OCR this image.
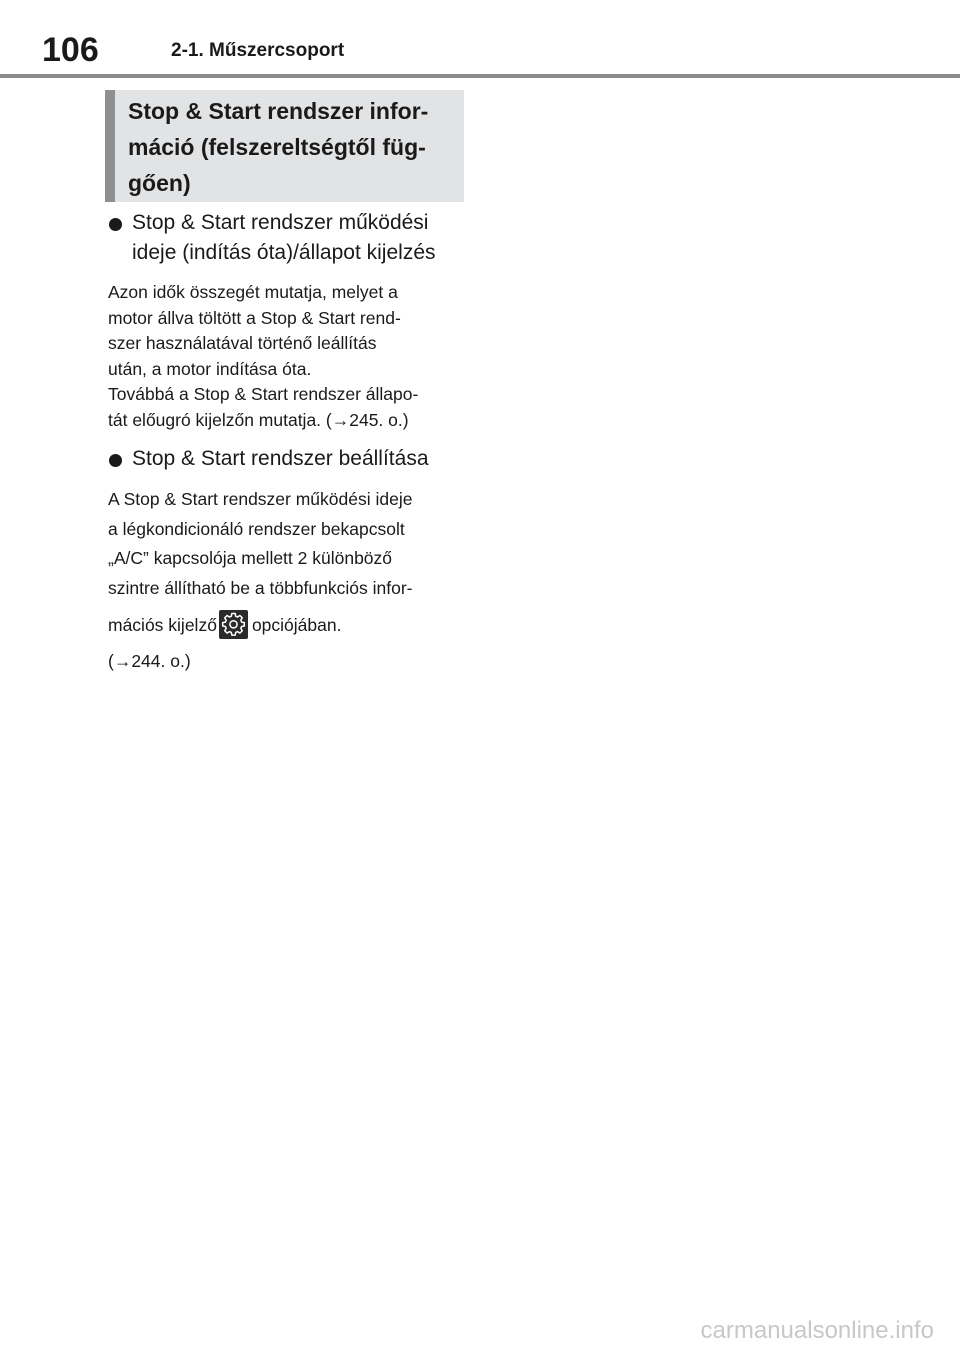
106	2-1. Műszercsoport
Stop & Start rendszer infor-
máció (felszereltségtől füg-
gően)
Stop & Start rendszer működési
ideje (indítás óta)/állapot kijelzés
Azon idők összegét mutatja, melyet a
motor állva töltött a Stop & Start rend-
szer használatával történő leállítás
után, a motor indítása óta.
Továbbá a Stop & Start rendszer állapo-
tát előugró kijelzőn mutatja. (→245. o.)
Stop & Start rendszer beállítása
A Stop & Start rendszer működési ideje
a légkondicionáló rendszer bekapcsolt
„A/C” kapcsolója mellett 2 különböző
szintre állítható be a többfunkciós infor-
mációs kijelző opciójában.
(→244. o.)
carmanualsonline.info
